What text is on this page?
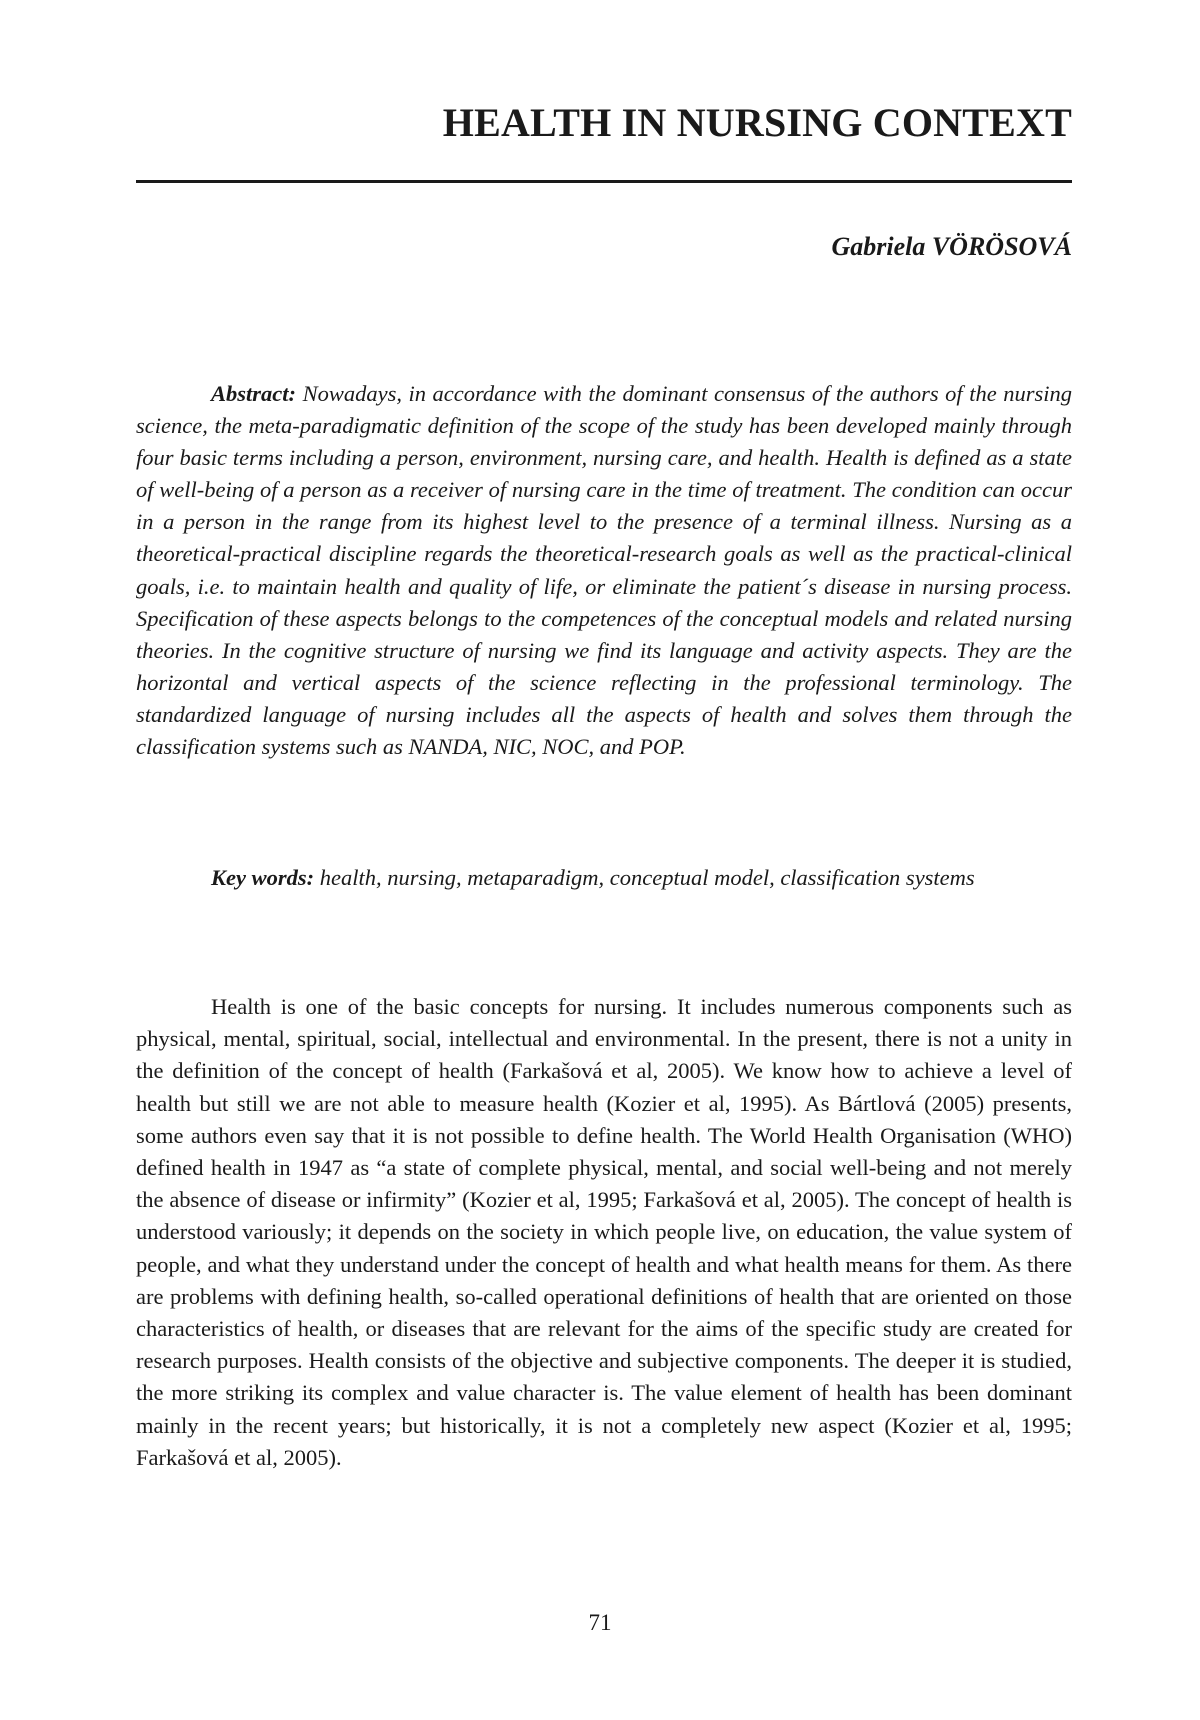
HEALTH IN NURSING CONTEXT
Gabriela VÖRÖSOVÁ

Abstract: Nowadays, in accordance with the dominant consensus of the authors of the nursing science, the meta-paradigmatic definition of the scope of the study has been developed mainly through four basic terms including a person, environment, nursing care, and health. Health is defined as a state of well-being of a person as a receiver of nursing care in the time of treatment. The condition can occur in a person in the range from its highest level to the presence of a terminal illness. Nursing as a theoretical-practical discipline regards the theoretical-research goals as well as the practical-clinical goals, i.e. to maintain health and quality of life, or eliminate the patient´s disease in nursing process. Specification of these aspects belongs to the competences of the conceptual models and related nursing theories. In the cognitive structure of nursing we find its language and activity aspects. They are the horizontal and vertical aspects of the science reflecting in the professional terminology. The standardized language of nursing includes all the aspects of health and solves them through the classification systems such as NANDA, NIC, NOC, and POP.

Key words: health, nursing, metaparadigm, conceptual model, classification systems

Health is one of the basic concepts for nursing. It includes numerous components such as physical, mental, spiritual, social, intellectual and environmental. In the present, there is not a unity in the definition of the concept of health (Farkašová et al, 2005). We know how to achieve a level of health but still we are not able to measure health (Kozier et al, 1995). As Bártlová (2005) presents, some authors even say that it is not possible to define health. The World Health Organisation (WHO) defined health in 1947 as “a state of complete physical, mental, and social well-being and not merely the absence of disease or infirmity” (Kozier et al, 1995; Farkašová et al, 2005). The concept of health is understood variously; it depends on the society in which people live, on education, the value system of people, and what they understand under the concept of health and what health means for them. As there are problems with defining health, so-called operational definitions of health that are oriented on those characteristics of health, or diseases that are relevant for the aims of the specific study are created for research purposes. Health consists of the objective and subjective components. The deeper it is studied, the more striking its complex and value character is. The value element of health has been dominant mainly in the recent years; but historically, it is not a completely new aspect (Kozier et al, 1995; Farkašová et al, 2005).

71
